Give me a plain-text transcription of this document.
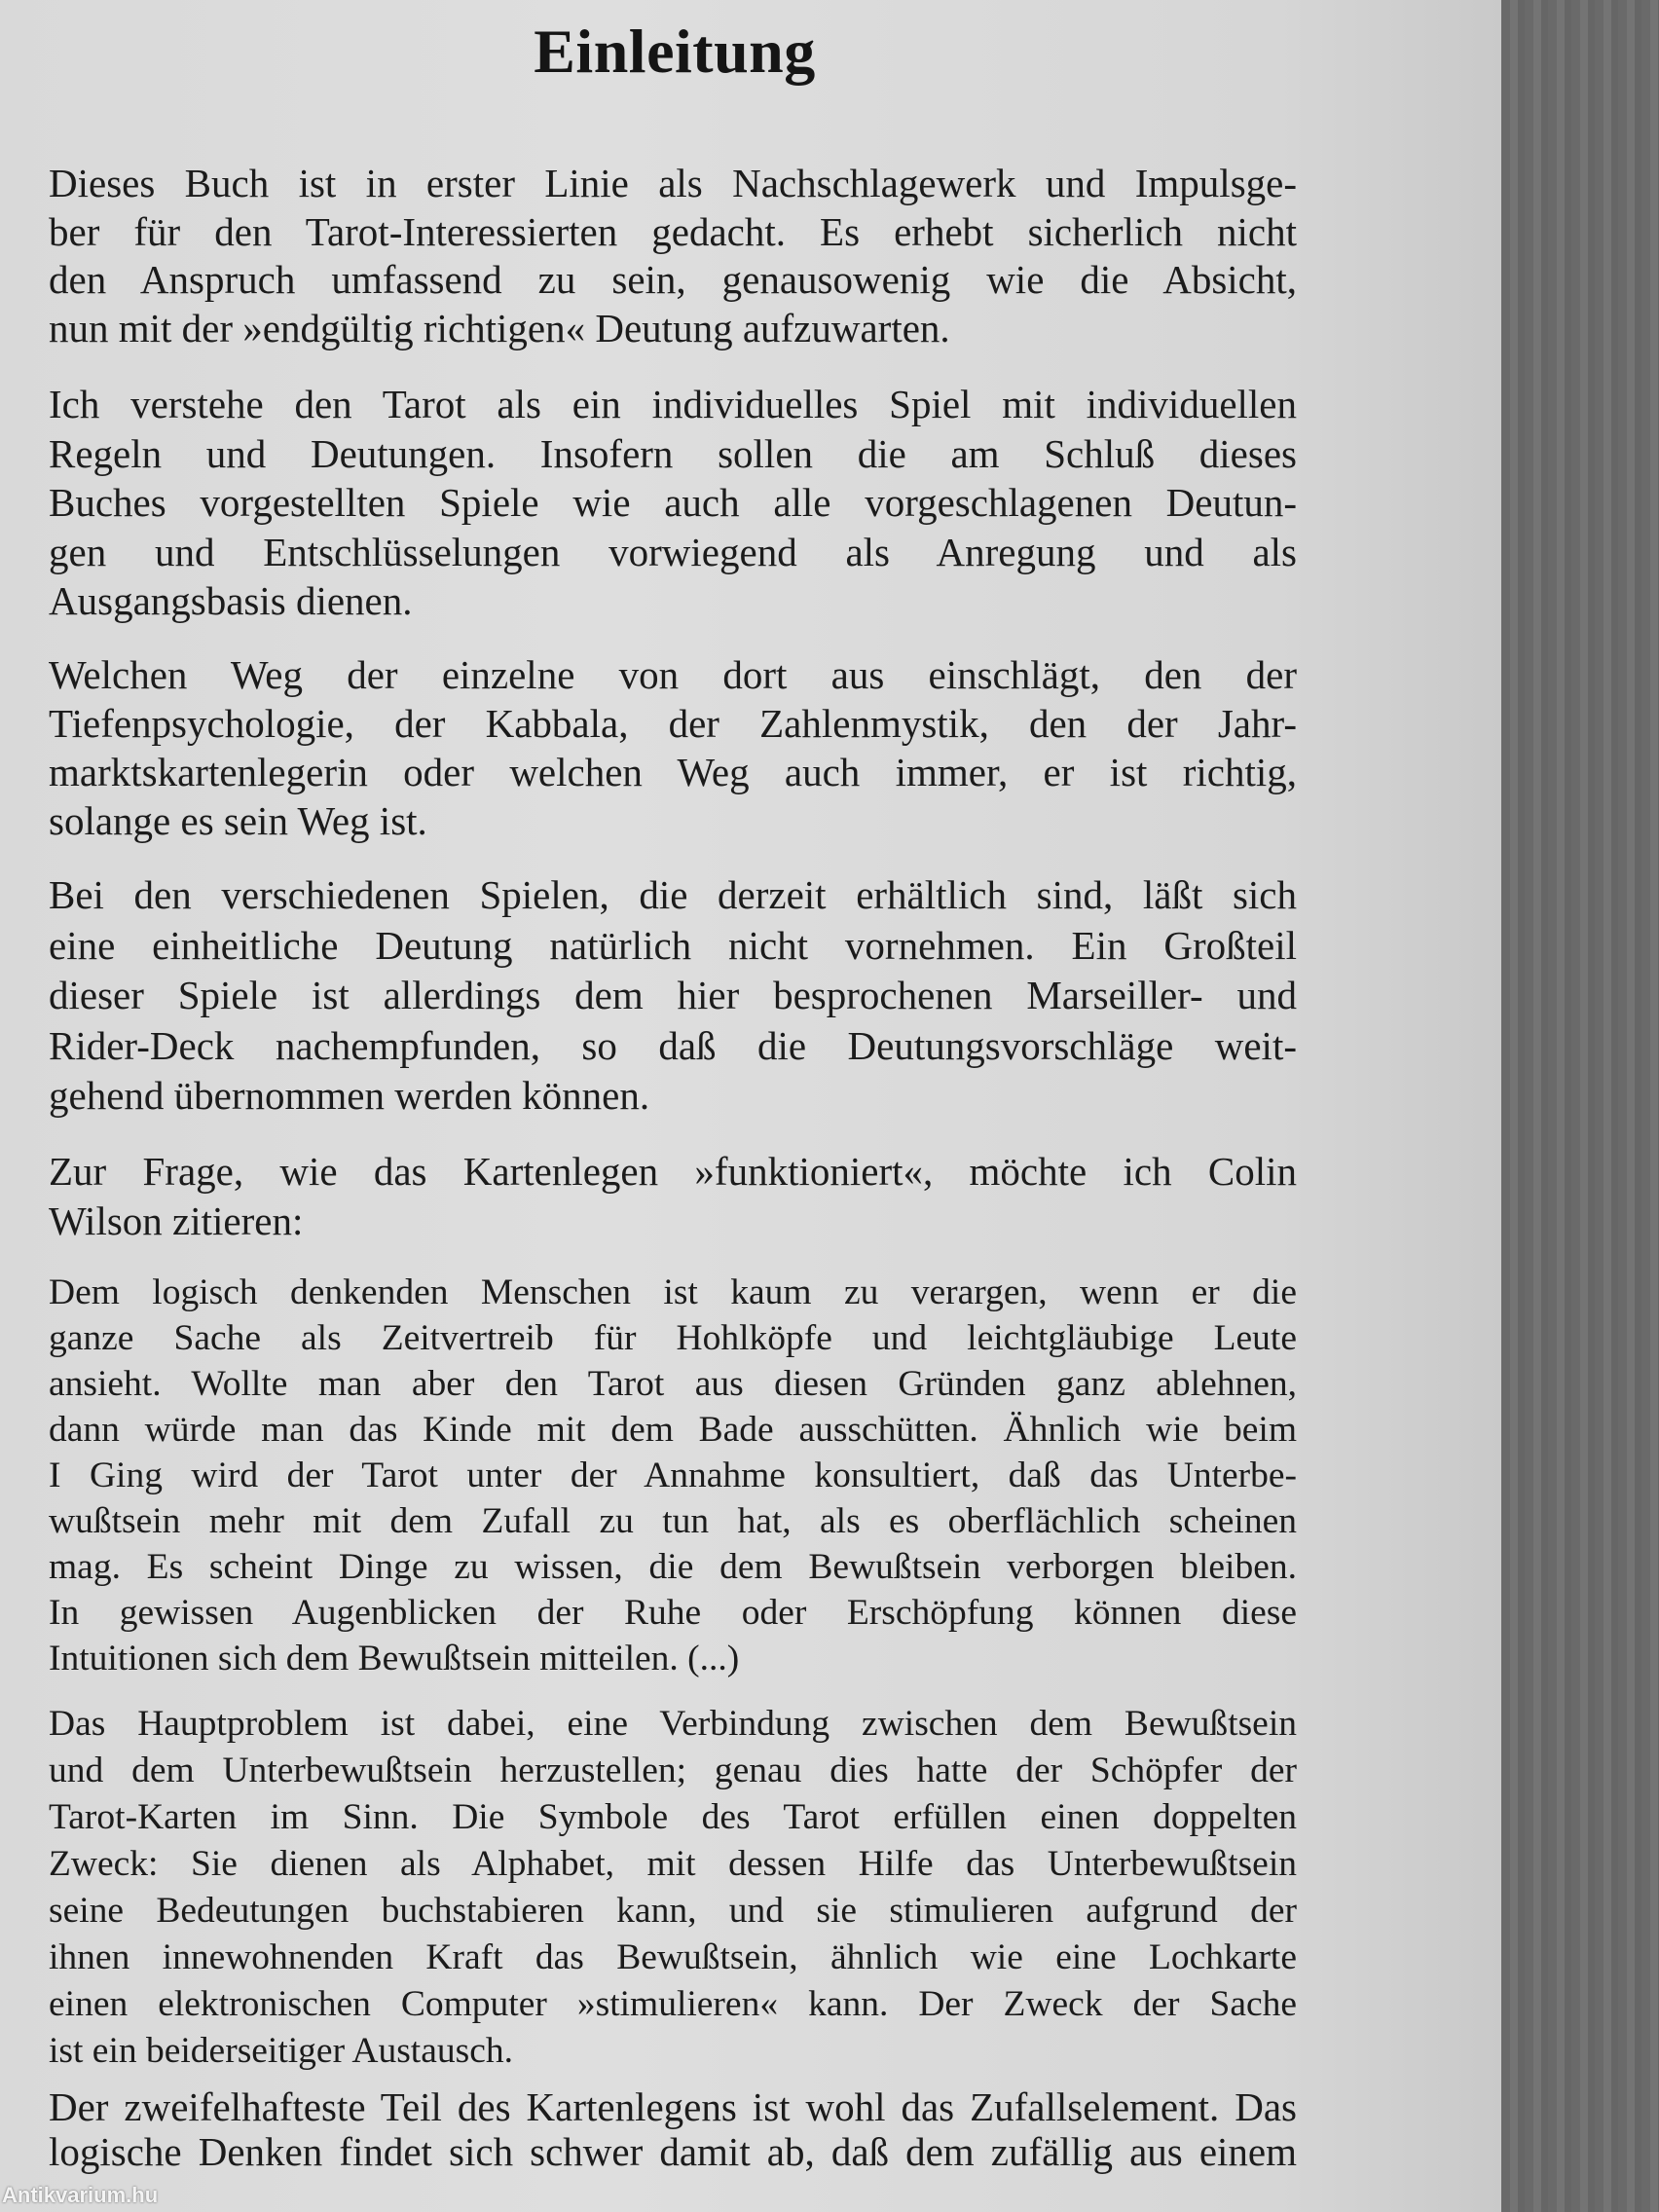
Einleitung
Dieses Buch ist in erster Linie als Nachschlagewerk und Impulsge-
ber für den Tarot-Interessierten gedacht. Es erhebt sicherlich nicht
den Anspruch umfassend zu sein, genausowenig wie die Absicht,
nun mit der »endgültig richtigen« Deutung aufzuwarten.
Ich verstehe den Tarot als ein individuelles Spiel mit individuellen
Regeln und Deutungen. Insofern sollen die am Schluß dieses
Buches vorgestellten Spiele wie auch alle vorgeschlagenen Deutun-
gen und Entschlüsselungen vorwiegend als Anregung und als
Ausgangsbasis dienen.
Welchen Weg der einzelne von dort aus einschlägt, den der
Tiefenpsychologie, der Kabbala, der Zahlenmystik, den der Jahr-
marktskartenlegerin oder welchen Weg auch immer, er ist richtig,
solange es sein Weg ist.
Bei den verschiedenen Spielen, die derzeit erhältlich sind, läßt sich
eine einheitliche Deutung natürlich nicht vornehmen. Ein Großteil
dieser Spiele ist allerdings dem hier besprochenen Marseiller- und
Rider-Deck nachempfunden, so daß die Deutungsvorschläge weit-
gehend übernommen werden können.
Zur Frage, wie das Kartenlegen »funktioniert«, möchte ich Colin
Wilson zitieren:
Dem logisch denkenden Menschen ist kaum zu verargen, wenn er die
ganze Sache als Zeitvertreib für Hohlköpfe und leichtgläubige Leute
ansieht. Wollte man aber den Tarot aus diesen Gründen ganz ablehnen,
dann würde man das Kinde mit dem Bade ausschütten. Ähnlich wie beim
I Ging wird der Tarot unter der Annahme konsultiert, daß das Unterbe-
wußtsein mehr mit dem Zufall zu tun hat, als es oberflächlich scheinen
mag. Es scheint Dinge zu wissen, die dem Bewußtsein verborgen bleiben.
In gewissen Augenblicken der Ruhe oder Erschöpfung können diese
Intuitionen sich dem Bewußtsein mitteilen. (...)
Das Hauptproblem ist dabei, eine Verbindung zwischen dem Bewußtsein
und dem Unterbewußtsein herzustellen; genau dies hatte der Schöpfer der
Tarot-Karten im Sinn. Die Symbole des Tarot erfüllen einen doppelten
Zweck: Sie dienen als Alphabet, mit dessen Hilfe das Unterbewußtsein
seine Bedeutungen buchstabieren kann, und sie stimulieren aufgrund der
ihnen innewohnenden Kraft das Bewußtsein, ähnlich wie eine Lochkarte
einen elektronischen Computer »stimulieren« kann. Der Zweck der Sache
ist ein beiderseitiger Austausch.
Der zweifelhafteste Teil des Kartenlegens ist wohl das Zufallselement. Das
logische Denken findet sich schwer damit ab, daß dem zufällig aus einem
Antikvarium.hu
